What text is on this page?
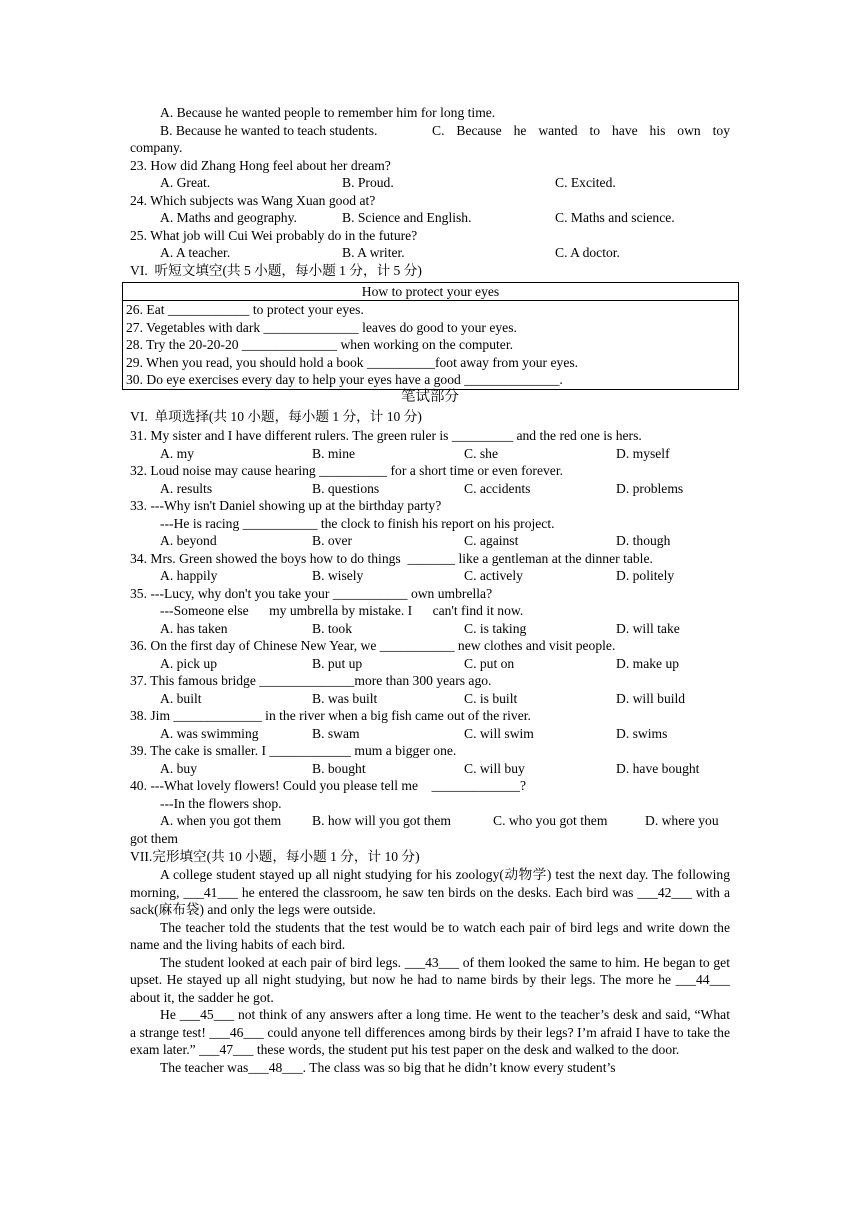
A. Because he wanted people to remember him for long time.
B. Because he wanted to teach students.	C. Because he wanted to have his own toy
company.
23. How did Zhang Hong feel about her dream?
A. Great.	B. Proud.	C. Excited.
24. Which subjects was Wang Xuan good at?
A. Maths and geography.	B. Science and English.	C. Maths and science.
25. What job will Cui Wei probably do in the future?
A. A teacher.	B. A writer.	C. A doctor.
VI.  听短文填空(共 5 小题，每小题 1 分，计 5 分)
How to protect your eyes
26. Eat ____________ to protect your eyes.
27. Vegetables with dark ______________ leaves do good to your eyes.
28. Try the 20-20-20 ______________ when working on the computer.
29. When you read, you should hold a book __________foot away from your eyes.
30. Do eye exercises every day to help your eyes have a good ______________.
笔试部分
VI.  单项选择(共 10 小题，每小题 1 分，计 10 分)
31. My sister and I have different rulers. The green ruler is _________ and the red one is hers.
A. my	B. mine	C. she	D. myself
32. Loud noise may cause hearing __________ for a short time or even forever.
A. results	B. questions	C. accidents	D. problems
33. ---Why isn't Daniel showing up at the birthday party?
---He is racing ___________ the clock to finish his report on his project.
A. beyond	B. over	C. against	D. though
34. Mrs. Green showed the boys how to do things  _______ like a gentleman at the dinner table.
A. happily	B. wisely	C. actively	D. politely
35. ---Lucy, why don't you take your ___________ own umbrella?
---Someone else      my umbrella by mistake. I      can't find it now.
A. has taken	B. took	C. is taking	D. will take
36. On the first day of Chinese New Year, we ___________ new clothes and visit people.
A. pick up	B. put up	C. put on	D. make up
37. This famous bridge ______________more than 300 years ago.
A. built	B. was built	C. is built	D. will build
38. Jim _____________ in the river when a big fish came out of the river.
A. was swimming	B. swam	C. will swim	D. swims
39. The cake is smaller. I ____________ mum a bigger one.
A. buy	B. bought	C. will buy	D. have bought
40. ---What lovely flowers! Could you please tell me    _____________?
---In the flowers shop.
A. when you got them B. how will you got them	C. who you got them	D. where you
got them
VII.完形填空(共 10 小题，每小题 1 分，计 10 分)

A college student stayed up all night studying for his zoology(动物学) test the next day. The following morning, ___41___ he entered the classroom, he saw ten birds on the desks. Each bird was ___42___ with a sack(麻布袋) and only the legs were outside.

The teacher told the students that the test would be to watch each pair of bird legs and write down the name and the living habits of each bird.

The student looked at each pair of bird legs. ___43___ of them looked the same to him. He began to get upset. He stayed up all night studying, but now he had to name birds by their legs. The more he ___44___ about it, the sadder he got.

He ___45___ not think of any answers after a long time. He went to the teacher’s desk and said, “What a strange test! ___46___ could anyone tell differences among birds by their legs? I’m afraid I have to take the exam later.” ___47___ these words, the student put his test paper on the desk and walked to the door.

The teacher was___48___. The class was so big that he didn’t know every student’s
